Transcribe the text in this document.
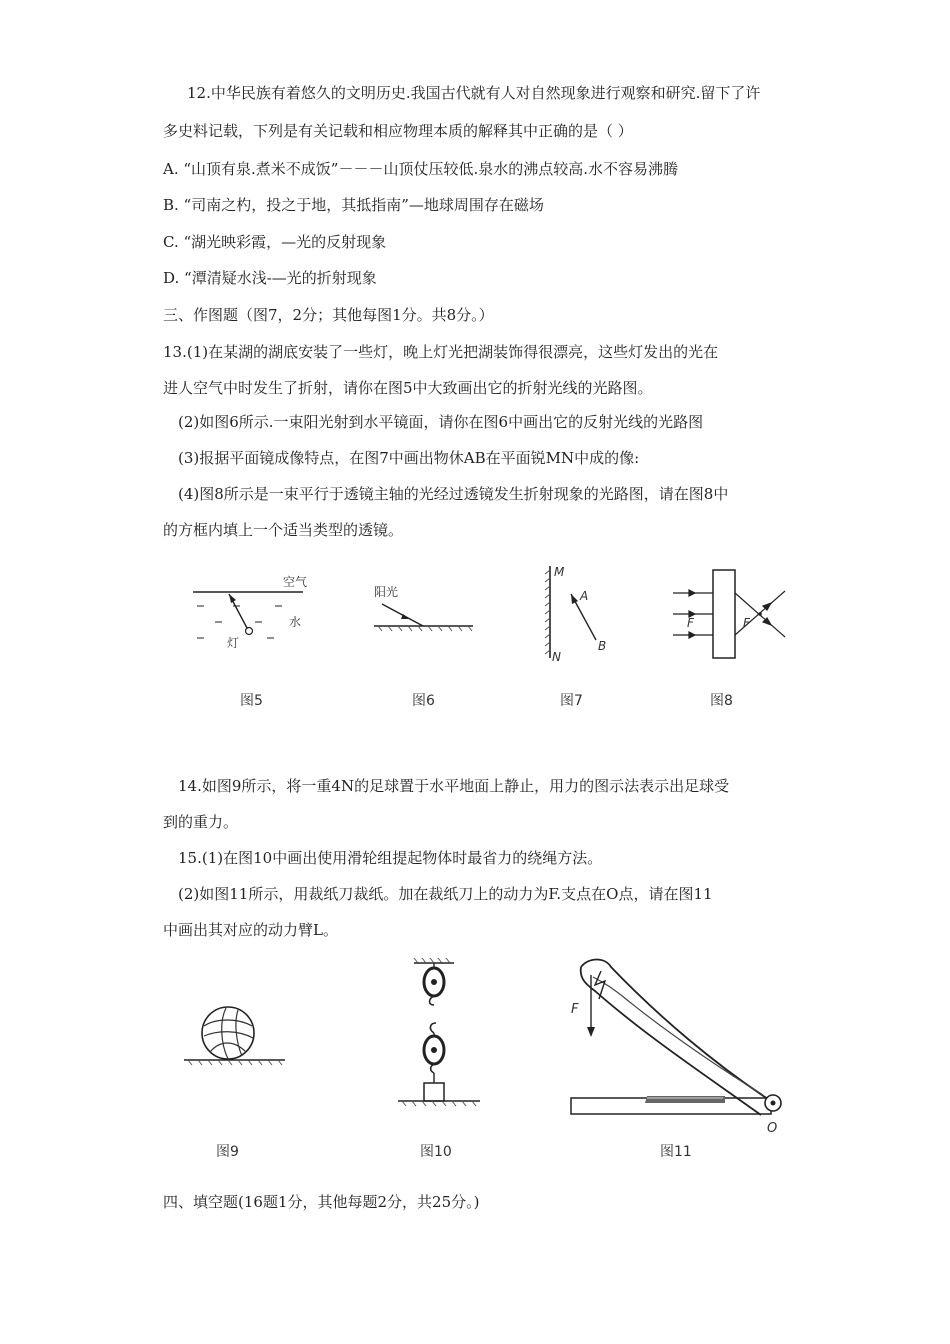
12.中华民族有着悠久的文明历史.我国古代就有人对自然现象进行观察和研究.留下了许
多史料记载，下列是有关记载和相应物理本质的解释其中正确的是（ ）
A. “山顶有泉.煮米不成饭”－－－山顶仗压较低.泉水的沸点较高.水不容易沸腾
B. “司南之杓，投之于地，其抵指南”—地球周围存在磁场
C. “湖光映彩霞，—光的反射现象
D. “潭清疑水浅-—光的折射现象
三、作图题（图7，2分；其他每图1分。共8分。）
13.(1)在某湖的湖底安装了一些灯，晚上灯光把湖装饰得很漂亮，这些灯发出的光在
进人空气中时发生了折射，请你在图5中大致画出它的折射光线的光路图。
(2)如图6所示.一束阳光射到水平镜面，请你在图6中画出它的反射光线的光路图
(3)报据平面镜成像特点，在图7中画出物休AB在平面锐MN中成的像:
(4)图8所示是一束平行于透镜主轴的光经过透镜发生折射现象的光路图，请在图8中
的方框内填上一个适当类型的透镜。
空气
水
灯
图5
阳光
图6
M
N
A
B
图7
F	F
图8
14.如图9所示，将一重4N的足球置于水平地面上静止，用力的图示法表示出足球受
到的重力。
15.(1)在图10中画出使用滑轮组提起物体时最省力的绕绳方法。
(2)如图11所示，用裁纸刀裁纸。加在裁纸刀上的动力为F.支点在O点，请在图11
中画出其对应的动力臂L。
图9	图10
F
O
图11
四、填空题(16题1分，其他每题2分，共25分。)
